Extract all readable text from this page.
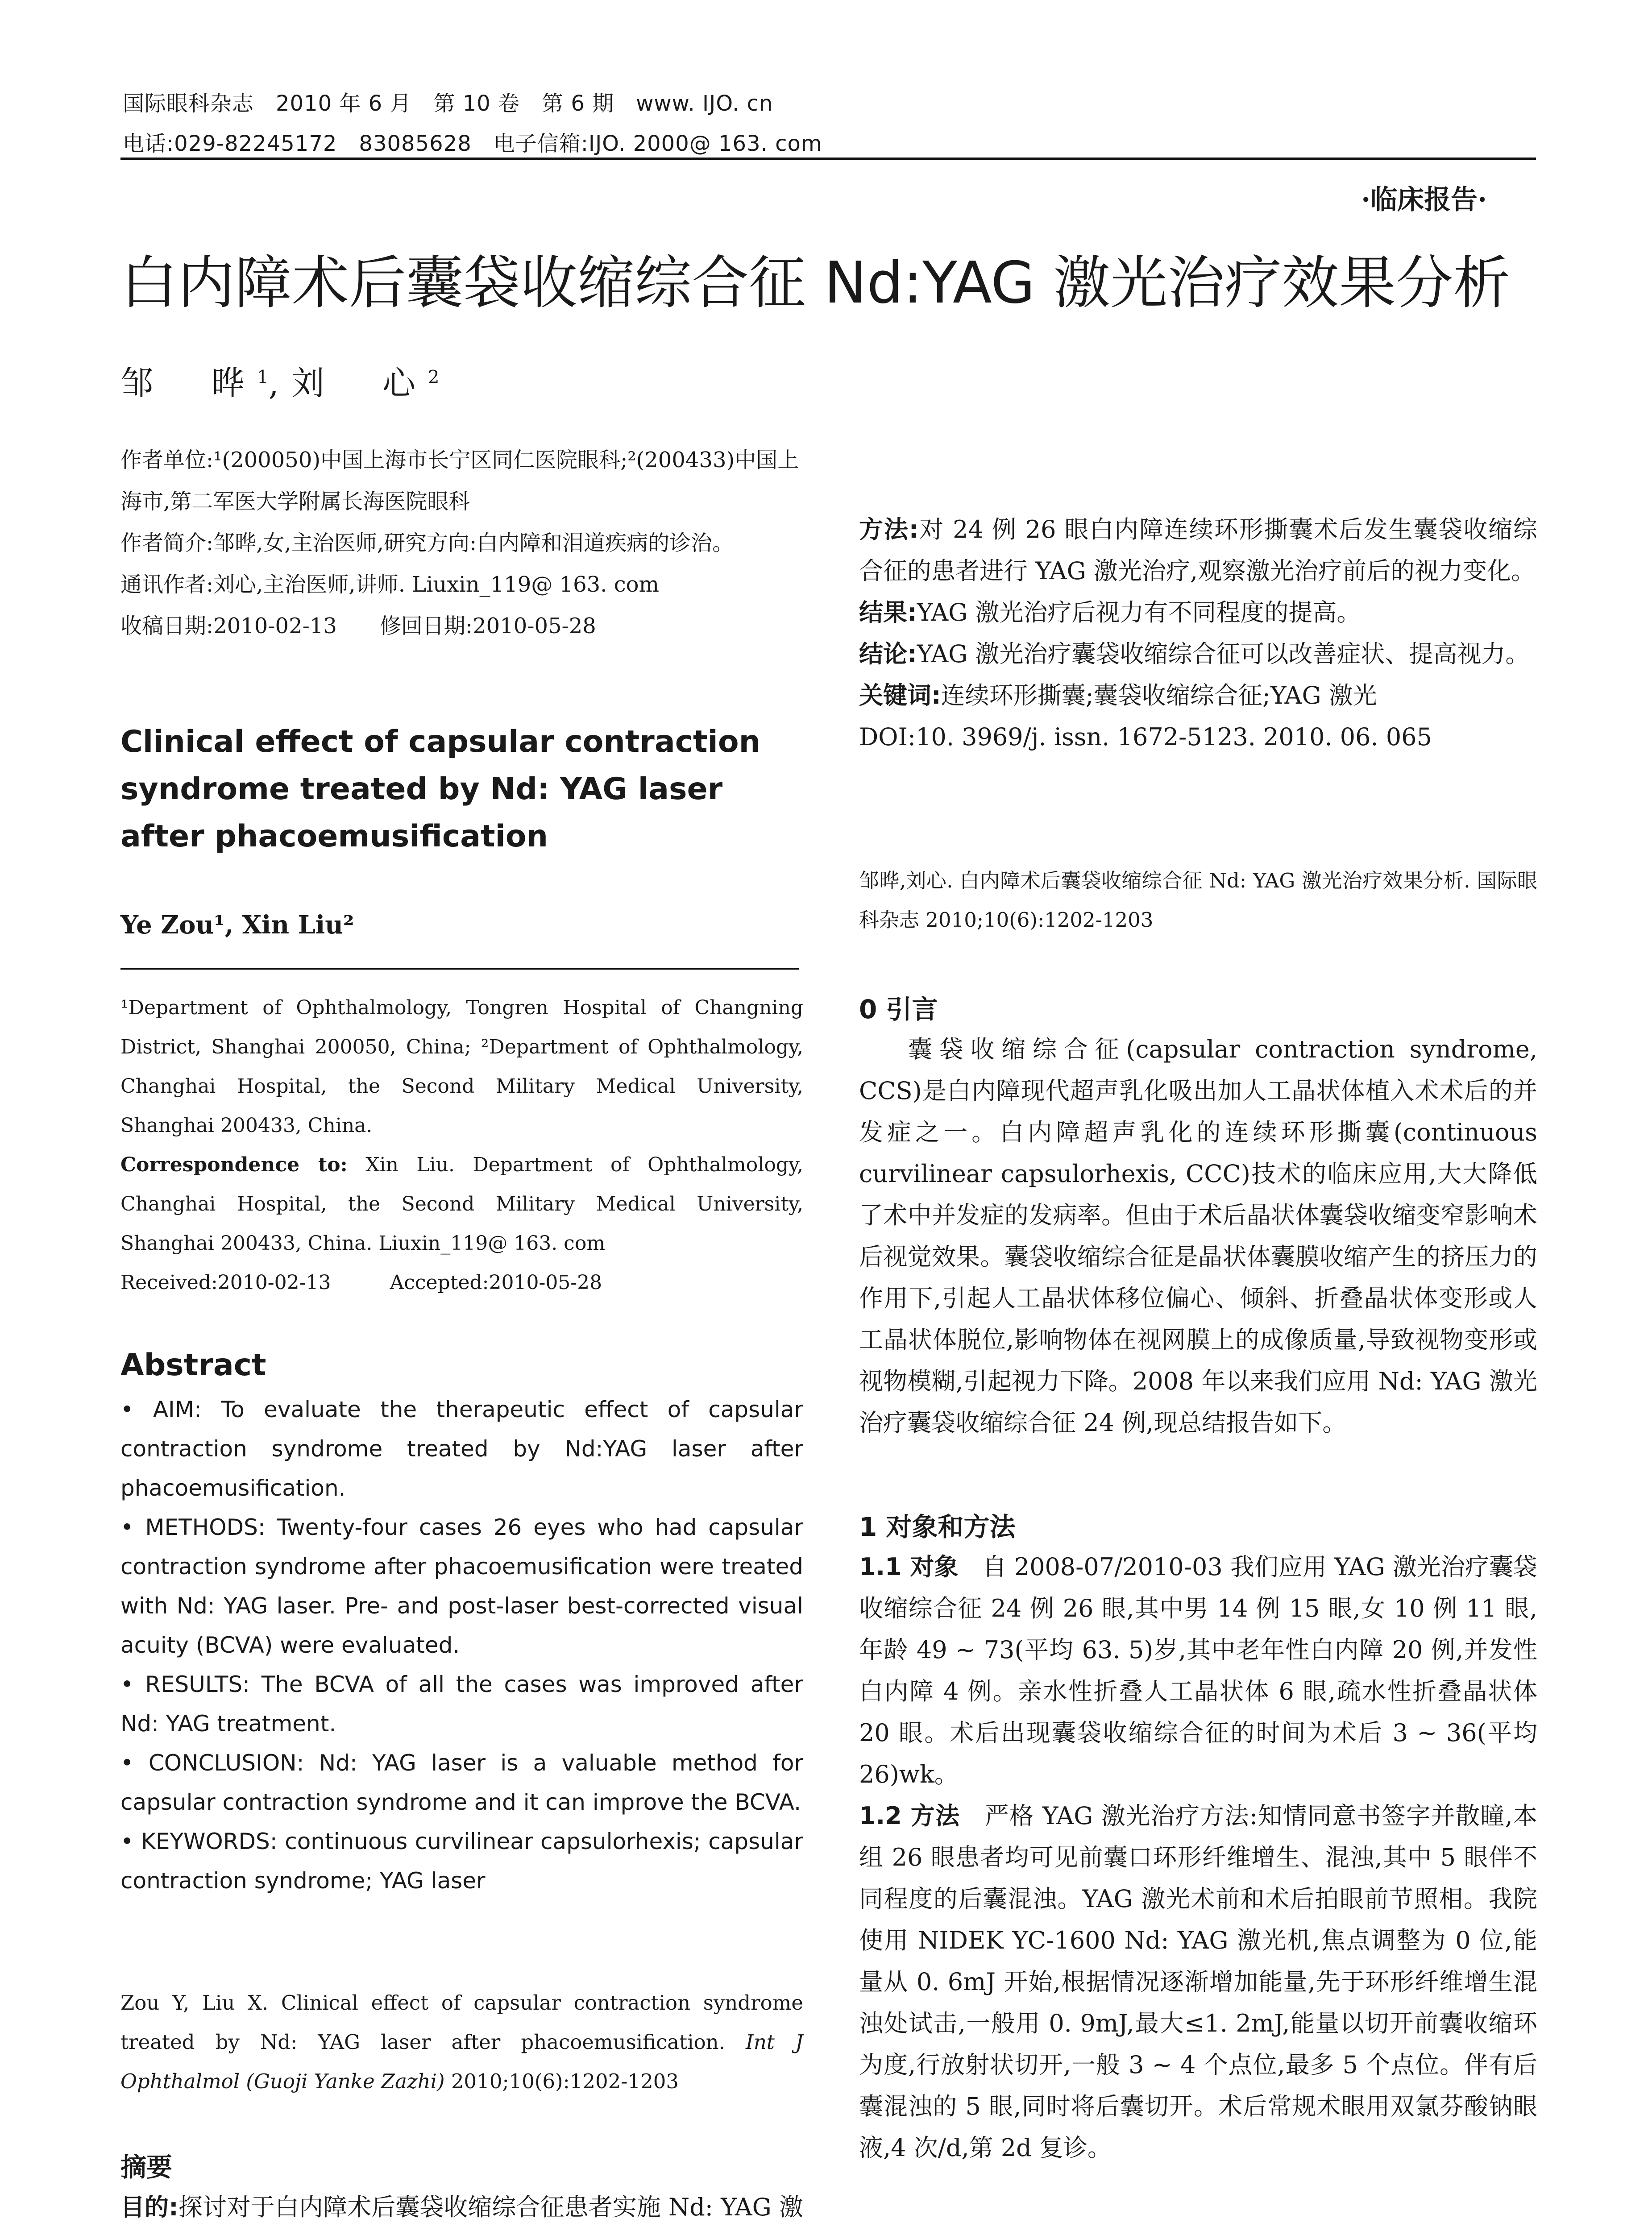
国际眼科杂志　2010 年 6 月　第 10 卷　第 6 期　www. IJO. cn
电话:029-82245172　83085628　电子信箱:IJO. 2000@ 163. com
·临床报告·
白内障术后囊袋收缩综合征 Nd:YAG 激光治疗效果分析
邹　晔$^1$,刘　心$^2$

作者单位:¹(200050)中国上海市长宁区同仁医院眼科;²(200433)中国上海市,第二军医大学附属长海医院眼科

作者简介:邹晔,女,主治医师,研究方向:白内障和泪道疾病的诊治。

通讯作者:刘心,主治医师,讲师. Liuxin_119@ 163. com

收稿日期:2010-02-13　　修回日期:2010-05-28

Clinical effect of capsular contraction syndrome treated by Nd: YAG laser after phacoemusification

Ye Zou¹, Xin Liu²

¹Department of Ophthalmology, Tongren Hospital of Changning District, Shanghai 200050, China; ²Department of Ophthalmology, Changhai Hospital, the Second Military Medical University, Shanghai 200433, China.

Correspondence to: Xin Liu. Department of Ophthalmology, Changhai Hospital, the Second Military Medical University, Shanghai 200433, China. Liuxin_119@ 163. com

Received:2010-02-13　　　Accepted:2010-05-28

Abstract

• AIM: To evaluate the therapeutic effect of capsular contraction syndrome treated by Nd:YAG laser after phacoemusification.

• METHODS: Twenty-four cases 26 eyes who had capsular contraction syndrome after phacoemusification were treated with Nd: YAG laser. Pre- and post-laser best-corrected visual acuity (BCVA) were evaluated.

• RESULTS: The BCVA of all the cases was improved after Nd: YAG treatment.

• CONCLUSION: Nd: YAG laser is a valuable method for capsular contraction syndrome and it can improve the BCVA.

• KEYWORDS: continuous curvilinear capsulorhexis; capsular contraction syndrome; YAG laser

Zou Y, Liu X. Clinical effect of capsular contraction syndrome treated by Nd: YAG laser after phacoemusification. Int J Ophthalmol (Guoji Yanke Zazhi) 2010;10(6):1202-1203

摘要

目的:探讨对于白内障术后囊袋收缩综合征患者实施 Nd: YAG 激

方法:对 24 例 26 眼白内障连续环形撕囊术后发生囊袋收缩综合征的患者进行 YAG 激光治疗,观察激光治疗前后的视力变化。

结果:YAG 激光治疗后视力有不同程度的提高。

结论:YAG 激光治疗囊袋收缩综合征可以改善症状、提高视力。

关键词:连续环形撕囊;囊袋收缩综合征;YAG 激光

DOI:10. 3969/j. issn. 1672-5123. 2010. 06. 065

邹晔,刘心. 白内障术后囊袋收缩综合征 Nd: YAG 激光治疗效果分析. 国际眼科杂志 2010;10(6):1202-1203

0 引言

囊袋收缩综合征(capsular contraction syndrome, CCS)是白内障现代超声乳化吸出加人工晶状体植入术术后的并发症之一。白内障超声乳化的连续环形撕囊(continuous curvilinear capsulorhexis, CCC)技术的临床应用,大大降低了术中并发症的发病率。但由于术后晶状体囊袋收缩变窄影响术后视觉效果。囊袋收缩综合征是晶状体囊膜收缩产生的挤压力的作用下,引起人工晶状体移位偏心、倾斜、折叠晶状体变形或人工晶状体脱位,影响物体在视网膜上的成像质量,导致视物变形或视物模糊,引起视力下降。2008 年以来我们应用 Nd: YAG 激光治疗囊袋收缩综合征 24 例,现总结报告如下。

1 对象和方法

1.1 对象　自 2008-07/2010-03 我们应用 YAG 激光治疗囊袋收缩综合征 24 例 26 眼,其中男 14 例 15 眼,女 10 例 11 眼,年龄 49 ~ 73(平均 63. 5)岁,其中老年性白内障 20 例,并发性白内障 4 例。亲水性折叠人工晶状体 6 眼,疏水性折叠晶状体 20 眼。术后出现囊袋收缩综合征的时间为术后 3 ~ 36(平均 26)wk。

1.2 方法　严格 YAG 激光治疗方法:知情同意书签字并散瞳,本组 26 眼患者均可见前囊口环形纤维增生、混浊,其中 5 眼伴不同程度的后囊混浊。YAG 激光术前和术后拍眼前节照相。我院使用 NIDEK YC-1600 Nd: YAG 激光机,焦点调整为 0 位,能量从 0. 6mJ 开始,根据情况逐渐增加能量,先于环形纤维增生混浊处试击,一般用 0. 9mJ,最大≤1. 2mJ,能量以切开前囊收缩环为度,行放射状切开,一般 3 ~ 4 个点位,最多 5 个点位。伴有后囊混浊的 5 眼,同时将后囊切开。术后常规术眼用双氯芬酸钠眼液,4 次/d,第 2d 复诊。
